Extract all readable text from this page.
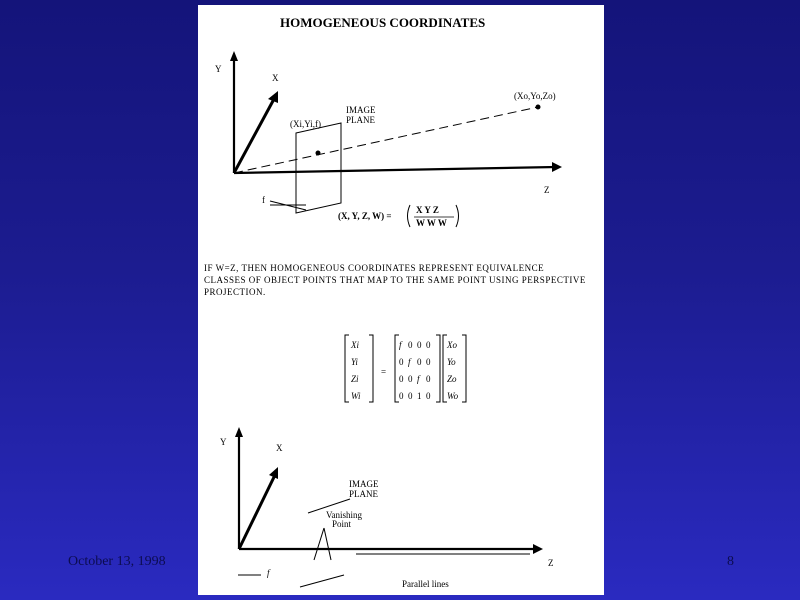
HOMOGENEOUS COORDINATES
Y
X
Z
(Xo,Yo,Zo)
(Xi,Yi,f)
IMAGE
PLANE
f
(X, Y, Z, W) =
X Y Z
W W W
IF W=Z, THEN HOMOGENEOUS COORDINATES REPRESENT EQUIVALENCE
CLASSES OF OBJECT POINTS THAT MAP TO THE SAME POINT USING PERSPECTIVE
PROJECTION.
Xi
Yi
Zi
Wi
=
f 0 0 0
0 f 0 0
0 0 f 0
0 0 1 0
Xo
Yo
Zo
Wo
Y
X
Z
IMAGE
PLANE
Vanishing
Point
f
Parallel lines
October 13, 1998	8
